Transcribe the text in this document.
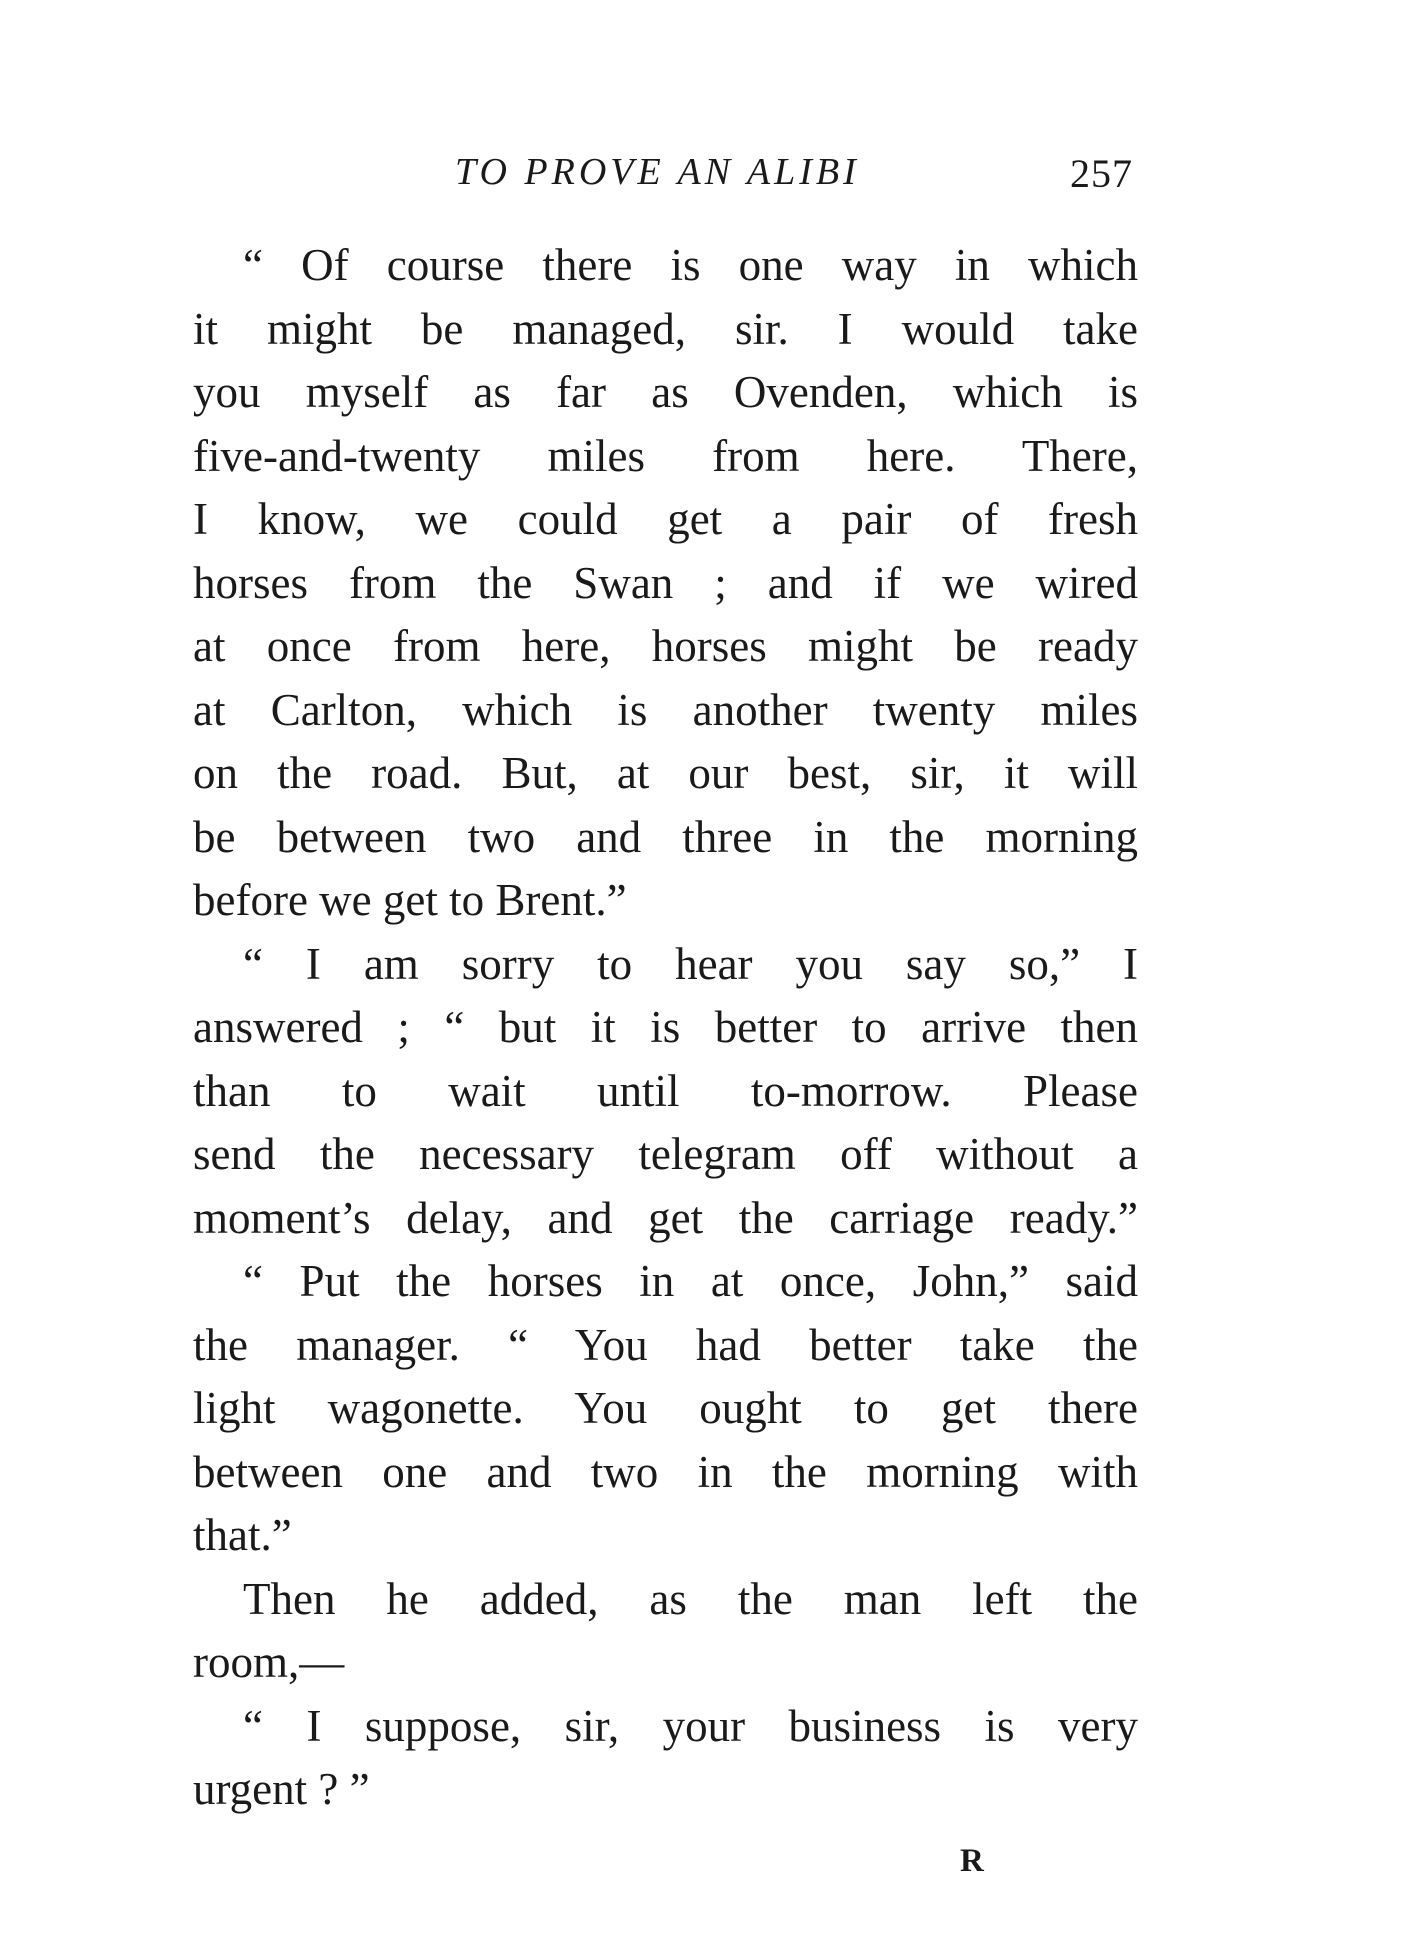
TO PROVE AN ALIBI	257
“ Of course there is one way in which
it might be managed, sir. I would take
you myself as far as Ovenden, which is
five-and-twenty miles from here. There,
I know, we could get a pair of fresh
horses from the Swan ; and if we wired
at once from here, horses might be ready
at Carlton, which is another twenty miles
on the road. But, at our best, sir, it will
be between two and three in the morning
before we get to Brent.”
“ I am sorry to hear you say so,” I
answered ; “ but it is better to arrive then
than to wait until to-morrow. Please
send the necessary telegram off without a
moment’s delay, and get the carriage ready.”
“ Put the horses in at once, John,” said
the manager. “ You had better take the
light wagonette. You ought to get there
between one and two in the morning with
that.”
Then he added, as the man left the
room,—
“ I suppose, sir, your business is very
urgent ? ”
R
